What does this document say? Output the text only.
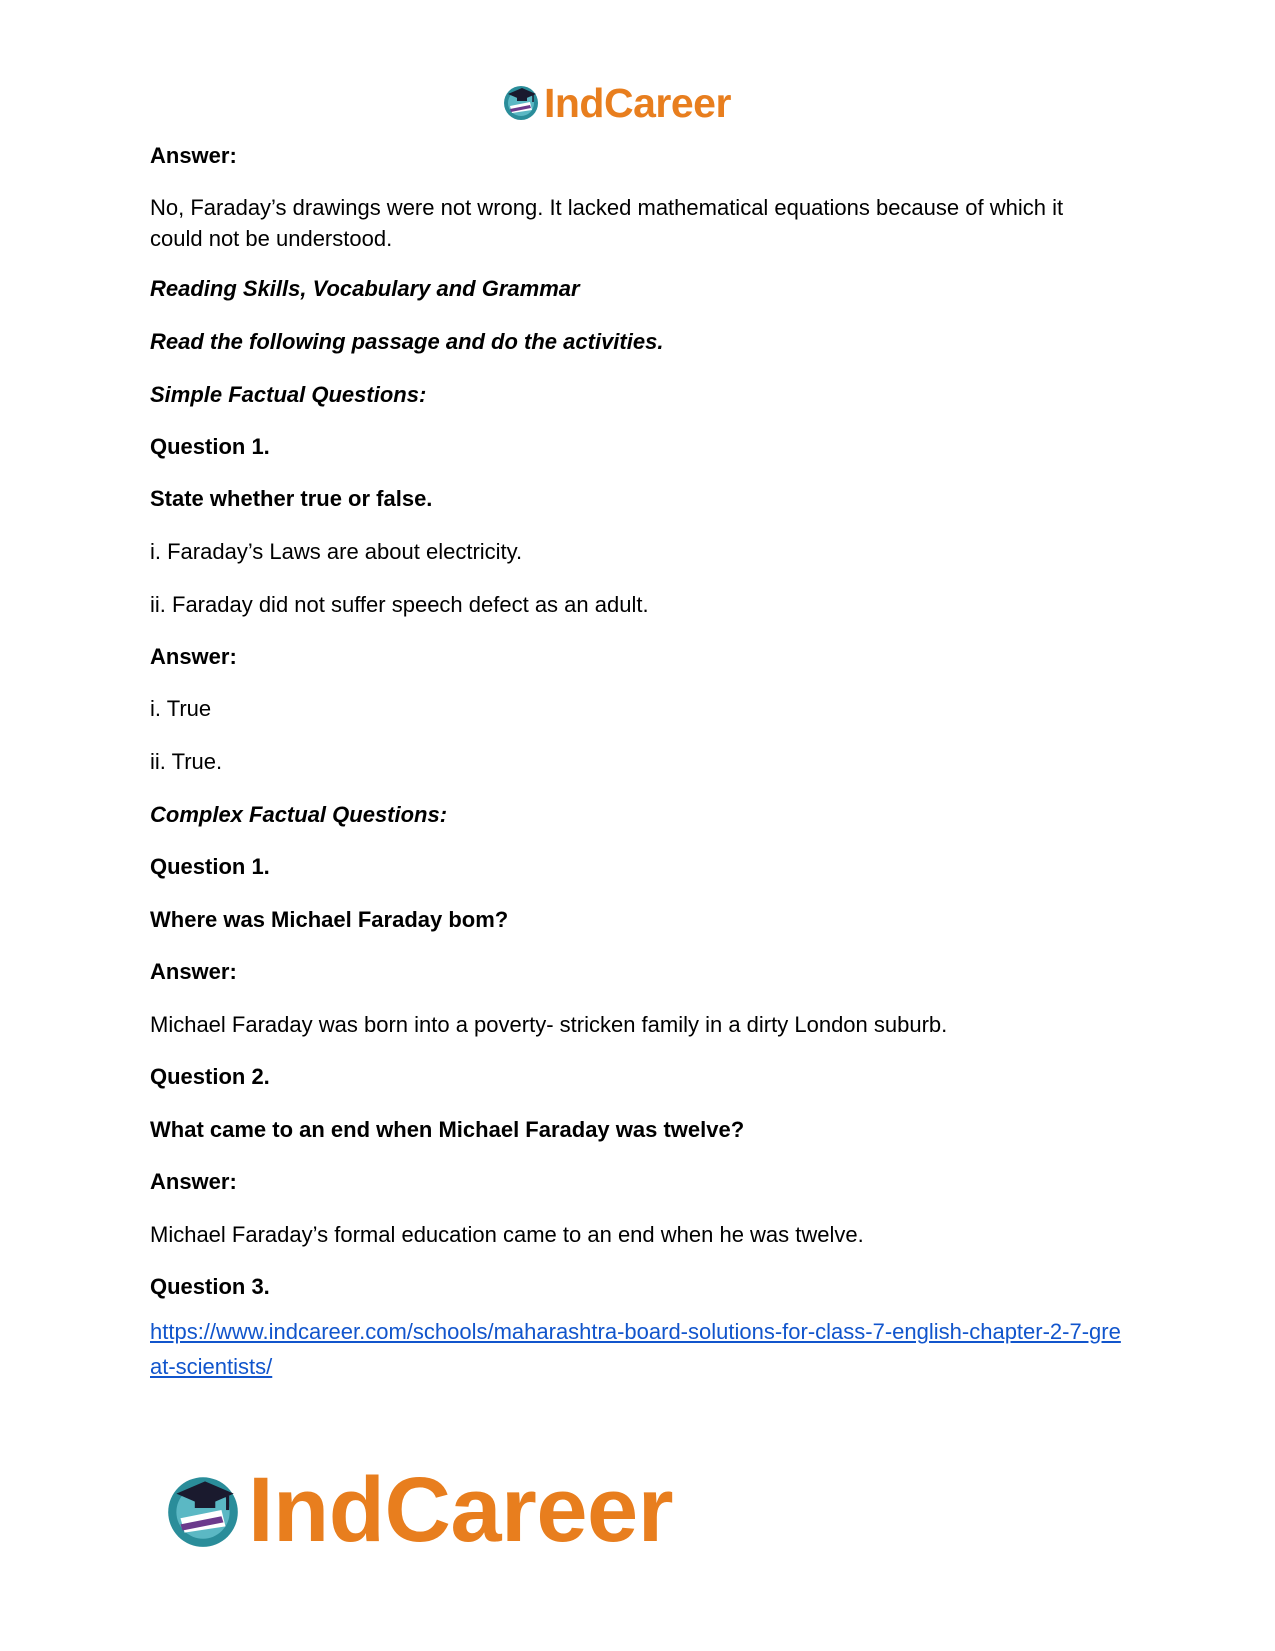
IndCareer
Answer:
No, Faraday’s drawings were not wrong. It lacked mathematical equations because of which it could not be understood.
Reading Skills, Vocabulary and Grammar
Read the following passage and do the activities.
Simple Factual Questions:
Question 1.
State whether true or false.
i. Faraday’s Laws are about electricity.
ii. Faraday did not suffer speech defect as an adult.
Answer:
i. True
ii. True.
Complex Factual Questions:
Question 1.
Where was Michael Faraday bom?
Answer:
Michael Faraday was born into a poverty- stricken family in a dirty London suburb.
Question 2.
What came to an end when Michael Faraday was twelve?
Answer:
Michael Faraday’s formal education came to an end when he was twelve.
Question 3.
https://www.indcareer.com/schools/maharashtra-board-solutions-for-class-7-english-chapter-2-7-great-scientists/
IndCareer
